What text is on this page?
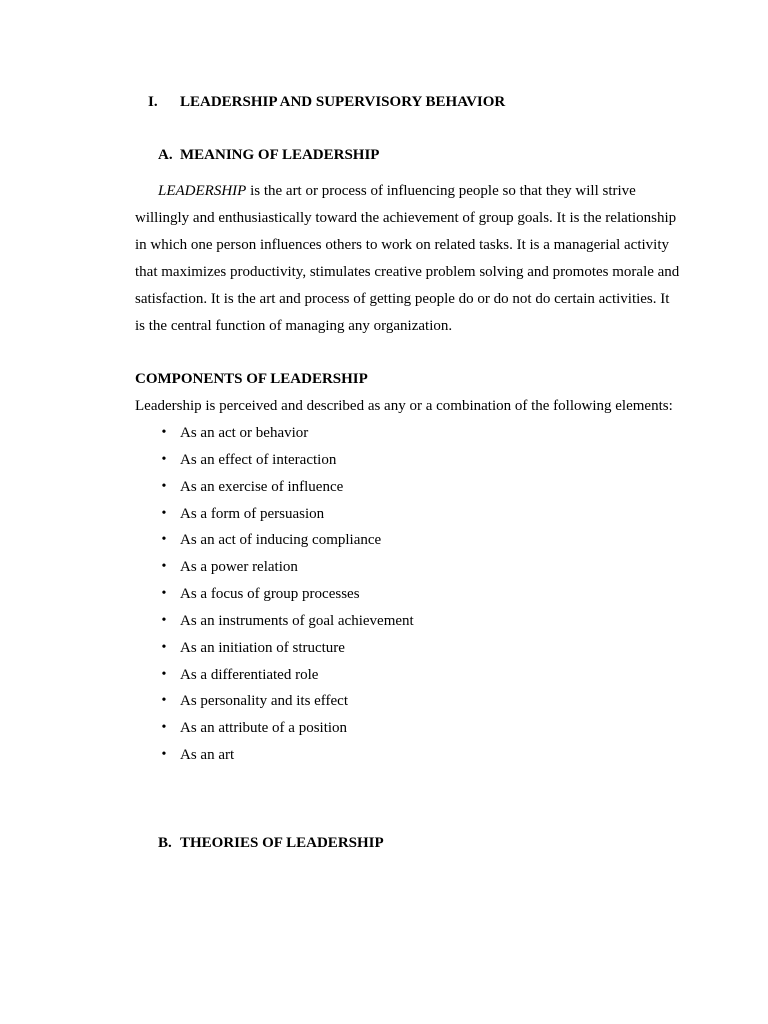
I. LEADERSHIP AND SUPERVISORY BEHAVIOR
A. MEANING OF LEADERSHIP

LEADERSHIP is the art or process of influencing people so that they will strive willingly and enthusiastically toward the achievement of group goals. It is the relationship in which one person influences others to work on related tasks. It is a managerial activity that maximizes productivity, stimulates creative problem solving and promotes morale and satisfaction. It is the art and process of getting people do or do not do certain activities. It is the central function of managing any organization.

COMPONENTS OF LEADERSHIP
Leadership is perceived and described as any or a combination of the following elements:
• As an act or behavior
• As an effect of interaction
• As an exercise of influence
• As a form of persuasion
• As an act of inducing compliance
• As a power relation
• As a focus of group processes
• As an instruments of goal achievement
• As an initiation of structure
• As a differentiated role
• As personality and its effect
• As an attribute of a position
• As an art
B. THEORIES OF LEADERSHIP
